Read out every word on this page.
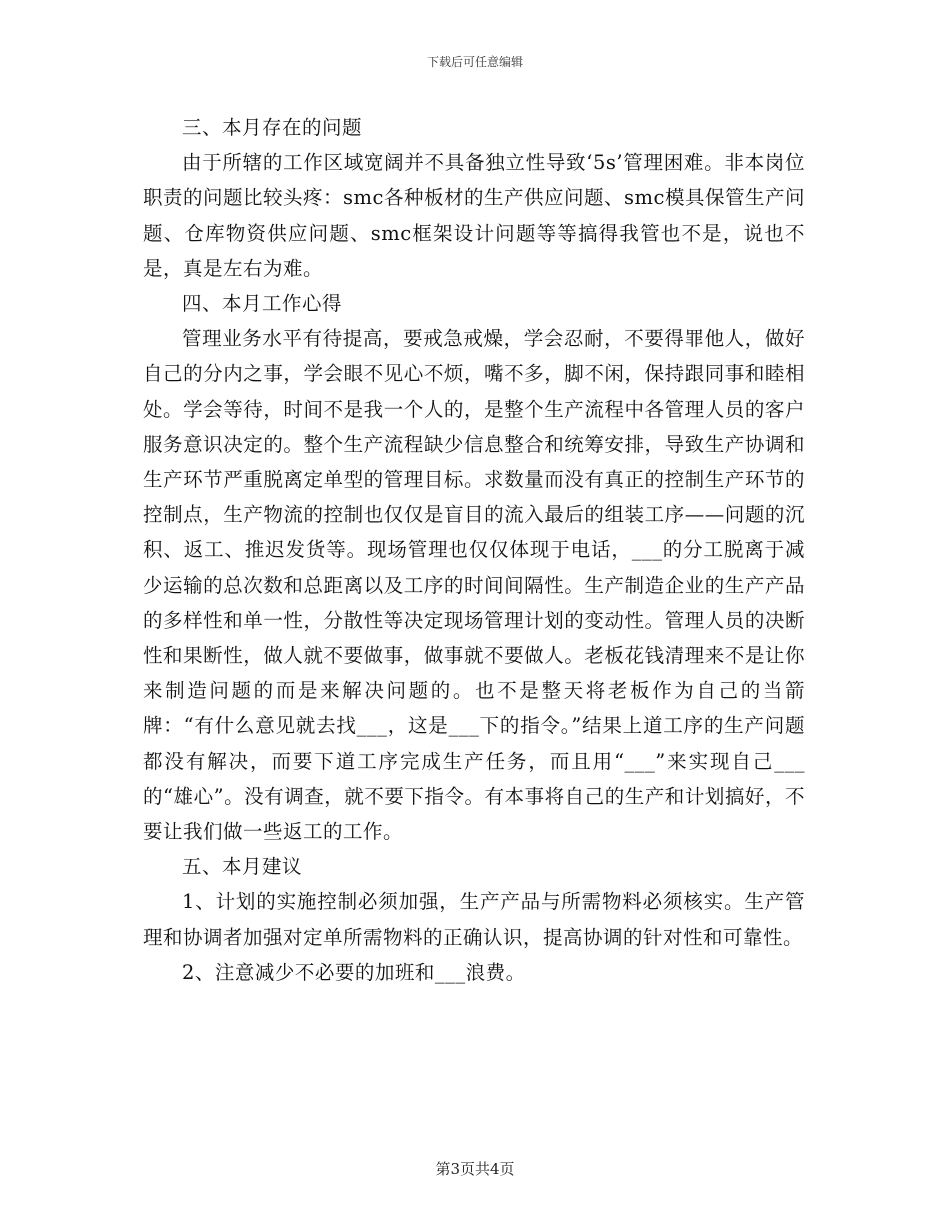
下载后可任意编辑

三、本月存在的问题

由于所辖的工作区域宽阔并不具备独立性导致‘5s’管理困难。非本岗位职责的问题比较头疼：smc各种板材的生产供应问题、smc模具保管生产问题、仓库物资供应问题、smc框架设计问题等等搞得我管也不是，说也不是，真是左右为难。

四、本月工作心得

管理业务水平有待提高，要戒急戒燥，学会忍耐，不要得罪他人，做好自己的分内之事，学会眼不见心不烦，嘴不多，脚不闲，保持跟同事和睦相处。学会等待，时间不是我一个人的，是整个生产流程中各管理人员的客户服务意识决定的。整个生产流程缺少信息整合和统筹安排，导致生产协调和生产环节严重脱离定单型的管理目标。求数量而没有真正的控制生产环节的控制点，生产物流的控制也仅仅是盲目的流入最后的组装工序——问题的沉积、返工、推迟发货等。现场管理也仅仅体现于电话，___的分工脱离于减少运输的总次数和总距离以及工序的时间间隔性。生产制造企业的生产产品的多样性和单一性，分散性等决定现场管理计划的变动性。管理人员的决断性和果断性，做人就不要做事，做事就不要做人。老板花钱清理来不是让你来制造问题的而是来解决问题的。也不是整天将老板作为自己的当箭牌：“有什么意见就去找___，这是___下的指令。”结果上道工序的生产问题都没有解决，而要下道工序完成生产任务，而且用“___”来实现自己___的“雄心”。没有调查，就不要下指令。有本事将自己的生产和计划搞好，不要让我们做一些返工的工作。

五、本月建议

1、计划的实施控制必须加强，生产产品与所需物料必须核实。生产管理和协调者加强对定单所需物料的正确认识，提高协调的针对性和可靠性。

2、注意减少不必要的加班和___浪费。

第3页共4页
